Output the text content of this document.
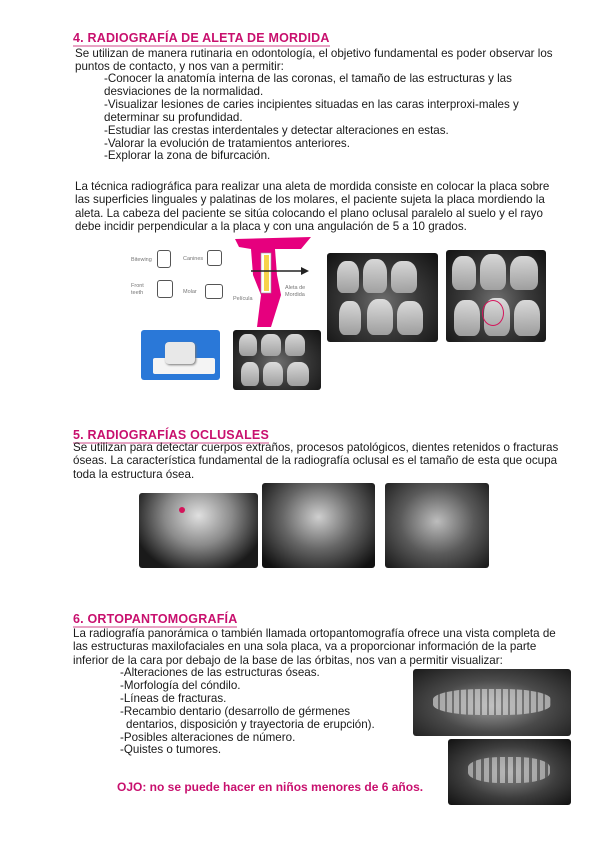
4. RADIOGRAFÍA DE ALETA DE MORDIDA

Se utilizan de manera rutinaria en odontología, el objetivo fundamental es poder observar los puntos de contacto, y nos van a permitir:

-Conocer la anatomía interna de las coronas, el tamaño de las estructuras y las desviaciones de la normalidad.
-Visualizar lesiones de caries incipientes situadas en las caras interproxi-males y determinar su profundidad.
-Estudiar las crestas interdentales y detectar alteraciones en estas.
-Valorar la evolución de tratamientos anteriores.
-Explorar la zona de bifurcación.

La técnica radiográfica para realizar una aleta de mordida consiste en colocar la placa sobre las superficies linguales y palatinas de los molares, el paciente sujeta la placa mordiendo la aleta. La cabeza del paciente se sitúa colocando el plano oclusal paralelo al suelo y el rayo debe incidir perpendicular a la placa y con una angulación de 5 a 10 grados.

Bitewing	Canines
Front teeth	Molar
Película
Aleta de Mordida
5. RADIOGRAFÍAS OCLUSALES

Se utilizan para detectar cuerpos extraños, procesos patológicos, dientes retenidos o fracturas óseas. La característica fundamental de la radiografía oclusal es el tamaño de esta que ocupa toda la estructura ósea.

6. ORTOPANTOMOGRAFÍA

La radiografía panorámica o también llamada ortopantomografía ofrece una vista completa de las estructuras maxilofaciales en una sola placa, va a proporcionar información de la parte inferior de la cara por debajo de la base de las órbitas, nos van a permitir visualizar:

-Alteraciones de las estructuras óseas.
-Morfología del cóndilo.
-Líneas de fracturas.
-Recambio dentario (desarrollo de gérmenes
dentarios, disposición y trayectoria de erupción).
-Posibles alteraciones de número.
-Quistes o tumores.
OJO: no se puede hacer en niños menores de 6 años.
